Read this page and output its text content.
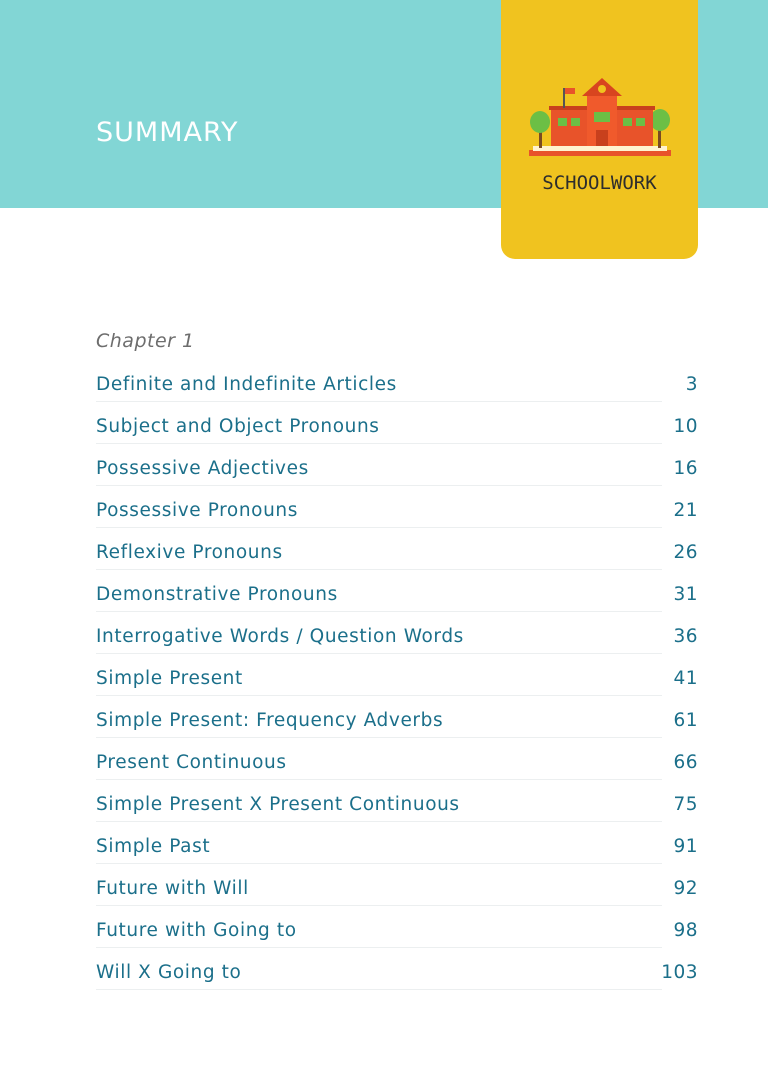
SUMMARY
SCHOOLWORK
Chapter 1
Definite and Indefinite Articles	3
Subject and Object Pronouns	10
Possessive Adjectives	16
Possessive Pronouns	21
Reflexive Pronouns	26
Demonstrative Pronouns	31
Interrogative Words / Question Words	36
Simple Present	41
Simple Present: Frequency Adverbs	61
Present Continuous	66
Simple Present X Present Continuous	75
Simple Past	91
Future with Will	92
Future with Going to	98
Will X Going to	103
